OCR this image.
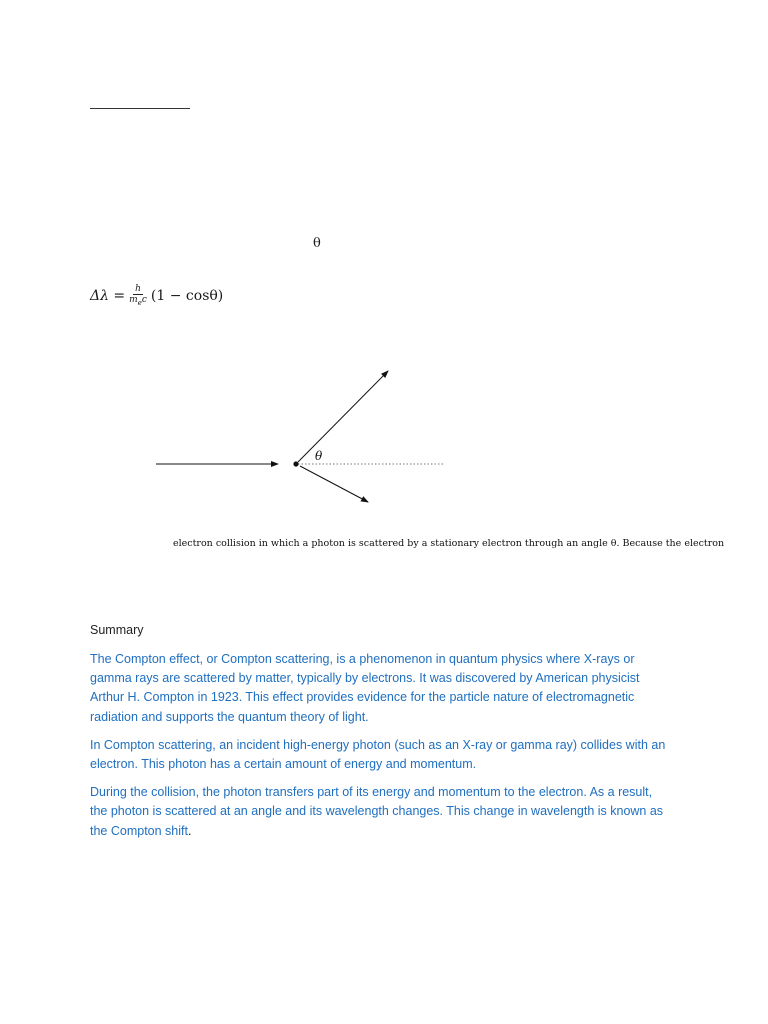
θ
$\Delta\lambda = \frac{h}{m_ec} (1 - \cos\theta)$
θ
electron collision in which a photon is scattered by a stationary electron through an angle θ. Because the electron
Summary

The Compton effect, or Compton scattering, is a phenomenon in quantum physics where X-rays or gamma rays are scattered by matter, typically by electrons. It was discovered by American physicist Arthur H. Compton in 1923. This effect provides evidence for the particle nature of electromagnetic radiation and supports the quantum theory of light.

In Compton scattering, an incident high-energy photon (such as an X-ray or gamma ray) collides with an electron. This photon has a certain amount of energy and momentum.

During the collision, the photon transfers part of its energy and momentum to the electron. As a result, the photon is scattered at an angle and its wavelength changes. This change in wavelength is known as the Compton shift.
